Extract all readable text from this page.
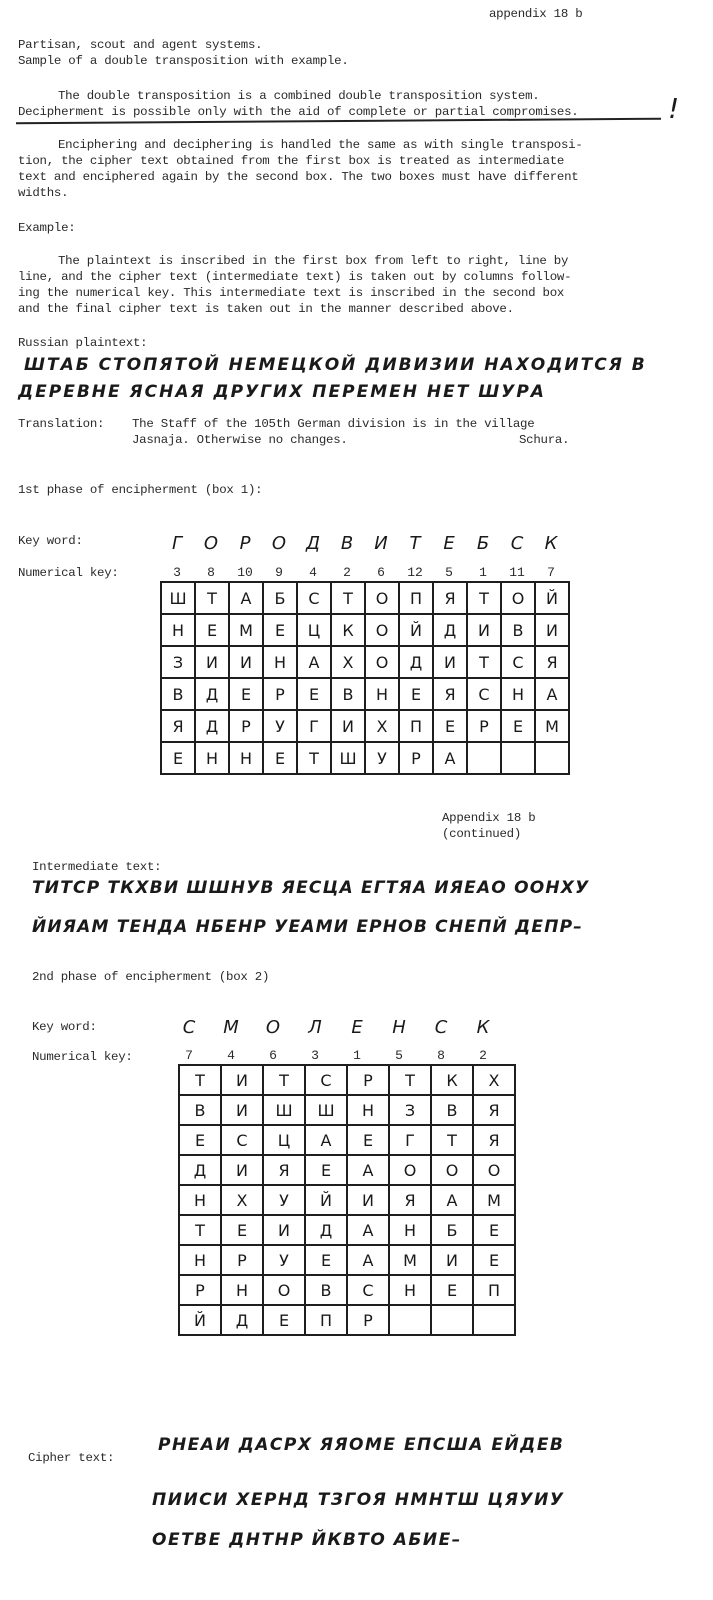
appendix 18 b
Partisan, scout and agent systems.
Sample of a double transposition with example.
The double transposition is a combined double transposition system.
Decipherment is possible only with the aid of complete or partial compromises.	!
Enciphering and deciphering is handled the same as with single transposi-
tion, the cipher text obtained from the first box is treated as intermediate
text and enciphered again by the second box. The two boxes must have different
widths.
Example:
The plaintext is inscribed in the first box from left to right, line by
line, and the cipher text (intermediate text) is taken out by columns follow-
ing the numerical key. This intermediate text is inscribed in the second box
and the final cipher text is taken out in the manner described above.
Russian plaintext:
ШТАБ СТОПЯТОЙ НЕМЕЦКОЙ ДИВИЗИИ НАХОДИТСЯ В
ДЕРЕВНЕ ЯСНАЯ ДРУГИХ ПЕРЕМЕН НЕТ ШУРА
Translation: The Staff of the 105th German division is in the village
Jasnaja. Otherwise no changes.	Schura.
1st phase of encipherment (box 1):
Key word:	Г	О	Р	О	Д	В	И	Т	Е	Б	С	К
Numerical key:	3	8	10	9	4	2	6	12	5	1	11	7
Ш	Т	А	Б	С	Т	О	П	Я	Т	О	Й
Н	Е	М	Е	Ц	К	О	Й	Д	И	В	И
З	И	И	Н	А	Х	О	Д	И	Т	С	Я
В	Д	Е	Р	Е	В	Н	Е	Я	С	Н	А
Я	Д	Р	У	Г	И	Х	П	Е	Р	Е	М
Е	Н	Н	Е	Т	Ш	У	Р	А			
Appendix 18 b
(continued)
Intermediate text:
ТИТСР ТКХВИ ШШНУВ ЯЕСЦА ЕГТЯА ИЯЕАО ООНХУ
ЙИЯАМ ТЕНДА НБЕНР УЕАМИ ЕРНОВ СНЕПЙ ДЕПР–
2nd phase of encipherment (box 2)
Key word:	С	М	О	Л	Е	Н	С	К
Numerical key:	7	4	6	3	1	5	8	2
Т	И	Т	С	Р	Т	К	Х
В	И	Ш	Ш	Н	З	В	Я
Е	С	Ц	А	Е	Г	Т	Я
Д	И	Я	Е	А	О	О	О
Н	Х	У	Й	И	Я	А	М
Т	Е	И	Д	А	Н	Б	Е
Н	Р	У	Е	А	М	И	Е
Р	Н	О	В	С	Н	Е	П
Й	Д	Е	П	Р			
Cipher text:
РНЕАИ ДАСРХ ЯЯОМЕ ЕПСША ЕЙДЕВ
ПИИСИ ХЕРНД ТЗГОЯ НМНТШ ЦЯУИУ
ОЕТВЕ ДНТНР ЙКВТО АБИЕ–
